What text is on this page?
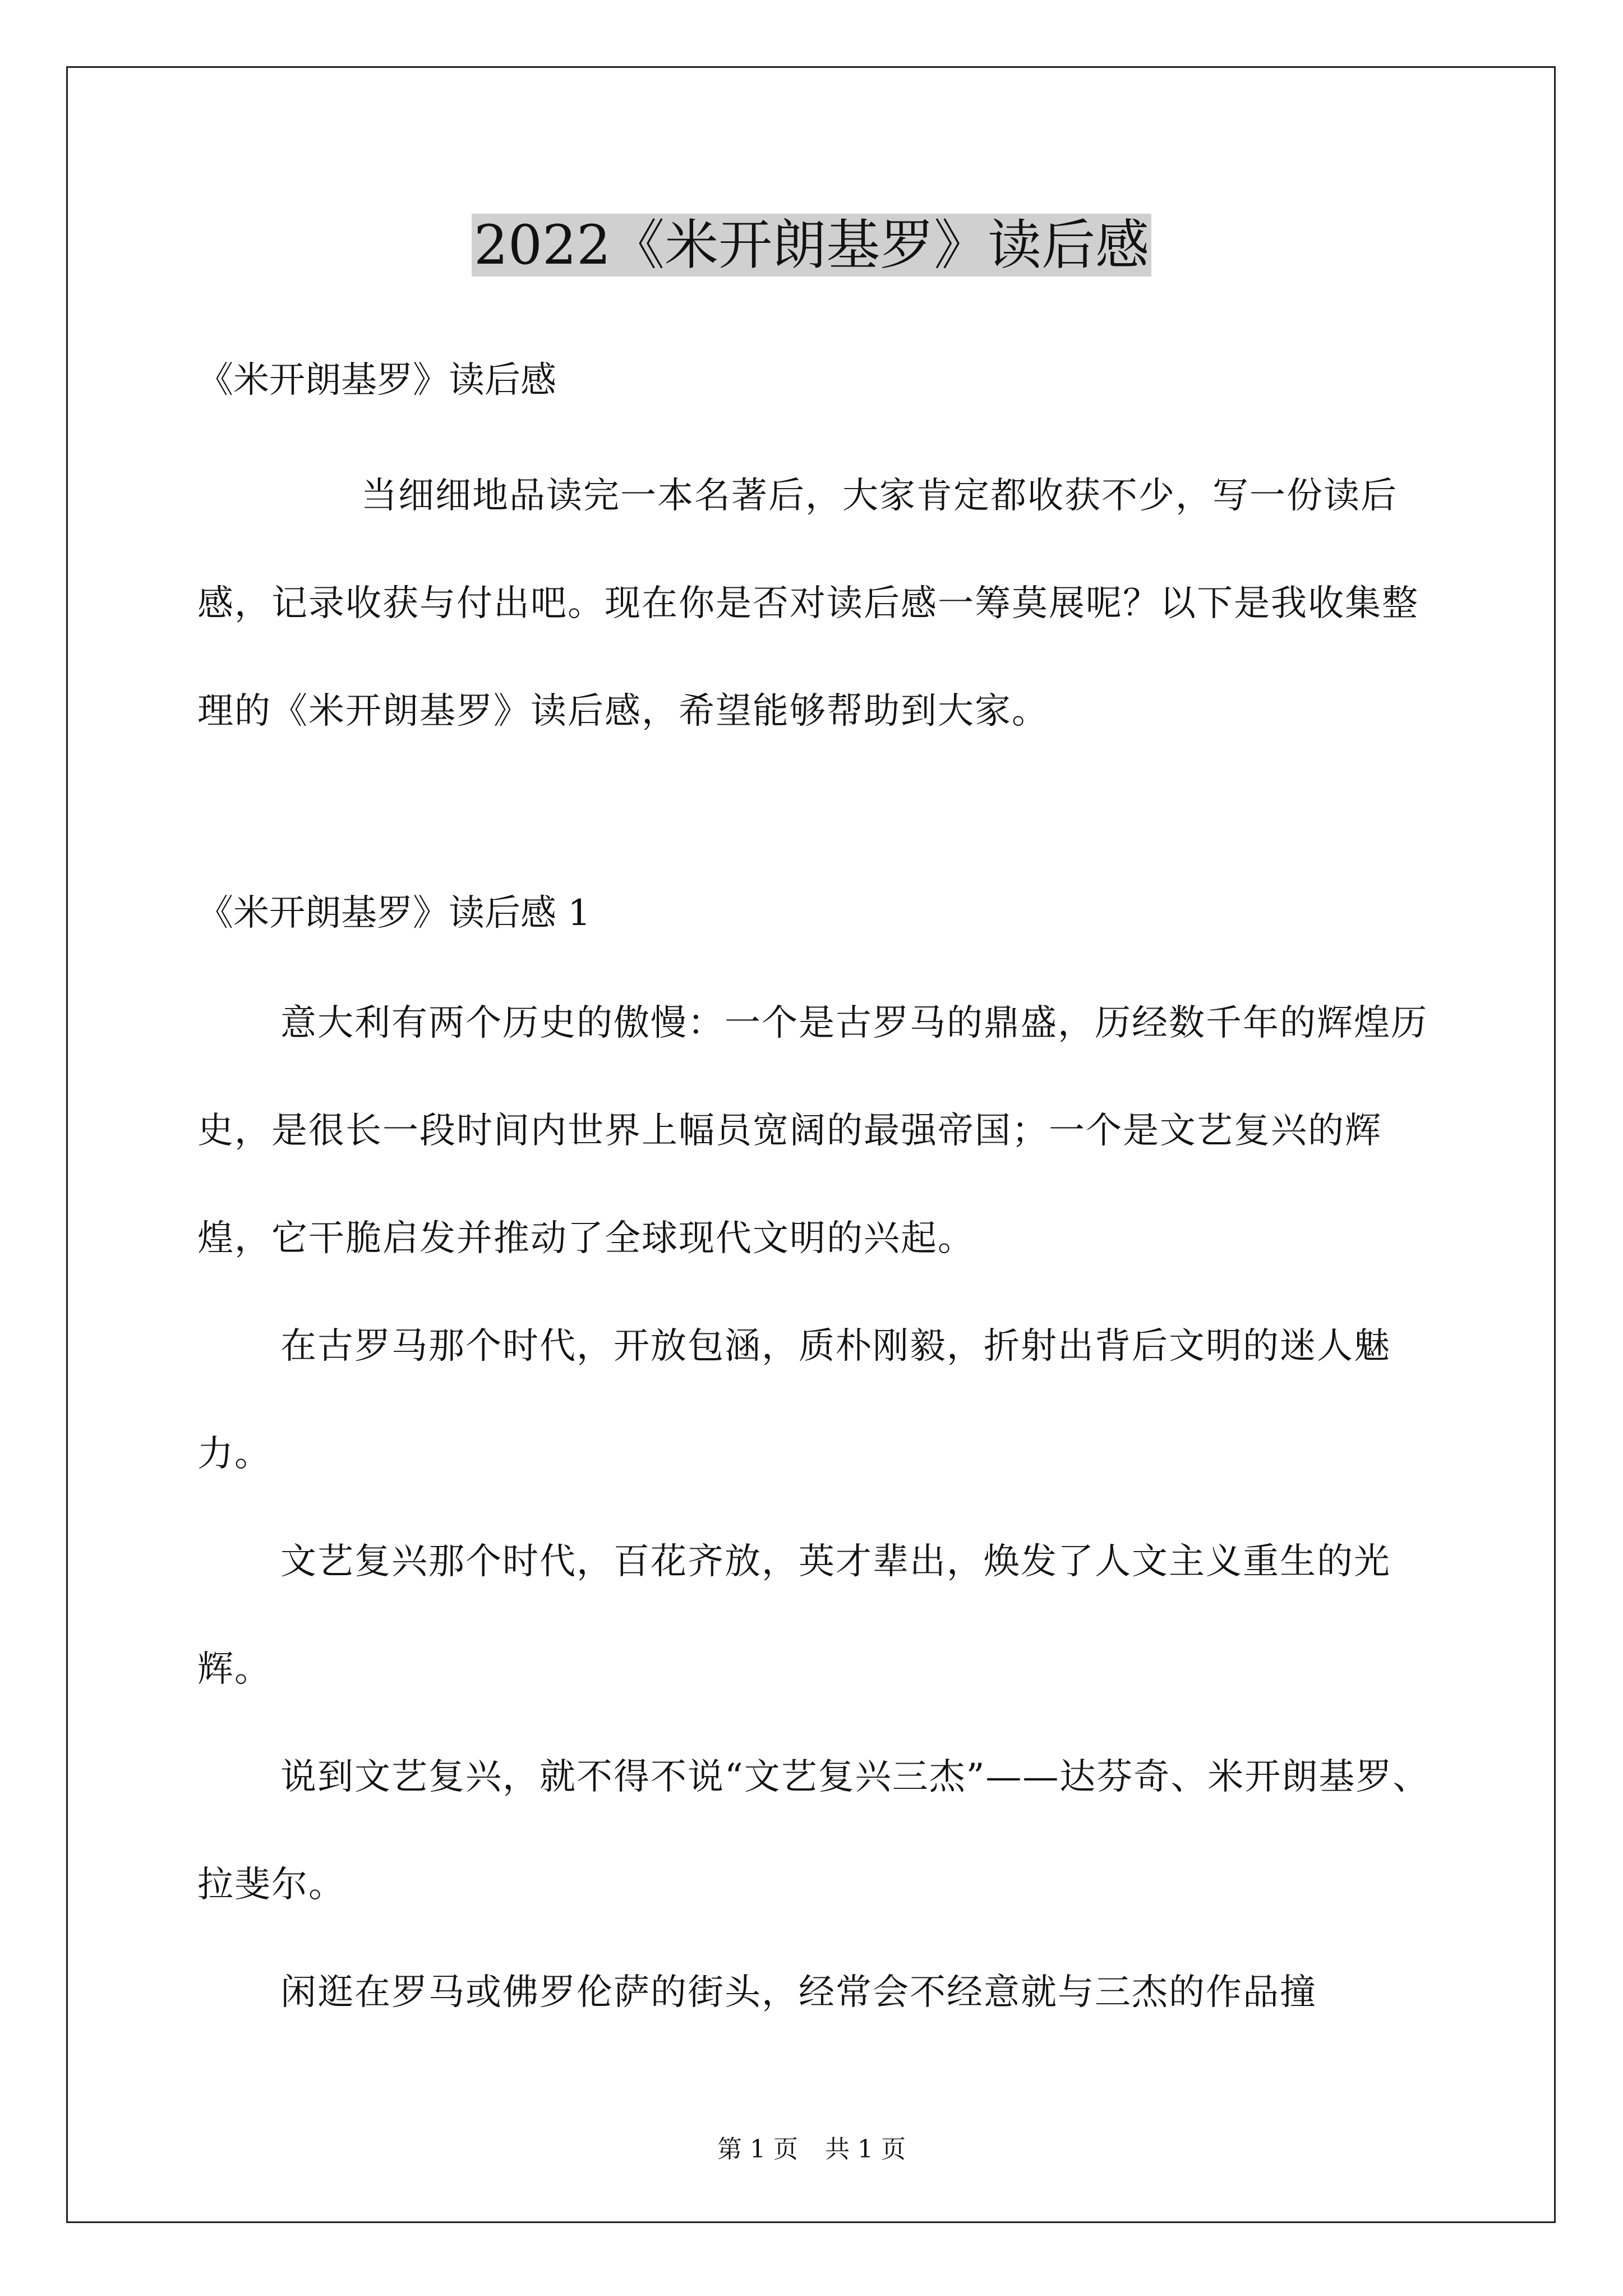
2022《米开朗基罗》读后感

《米开朗基罗》读后感

当细细地品读完一本名著后，大家肯定都收获不少，写一份读后感，记录收获与付出吧。现在你是否对读后感一筹莫展呢？以下是我收集整理的《米开朗基罗》读后感，希望能够帮助到大家。

《米开朗基罗》读后感 1

意大利有两个历史的傲慢：一个是古罗马的鼎盛，历经数千年的辉煌历史，是很长一段时间内世界上幅员宽阔的最强帝国；一个是文艺复兴的辉煌，它干脆启发并推动了全球现代文明的兴起。

在古罗马那个时代，开放包涵，质朴刚毅，折射出背后文明的迷人魅力。

文艺复兴那个时代，百花齐放，英才辈出，焕发了人文主义重生的光辉。

说到文艺复兴，就不得不说“文艺复兴三杰”——达芬奇、米开朗基罗、拉斐尔。

闲逛在罗马或佛罗伦萨的街头，经常会不经意就与三杰的作品撞

第 1 页 共 1 页
